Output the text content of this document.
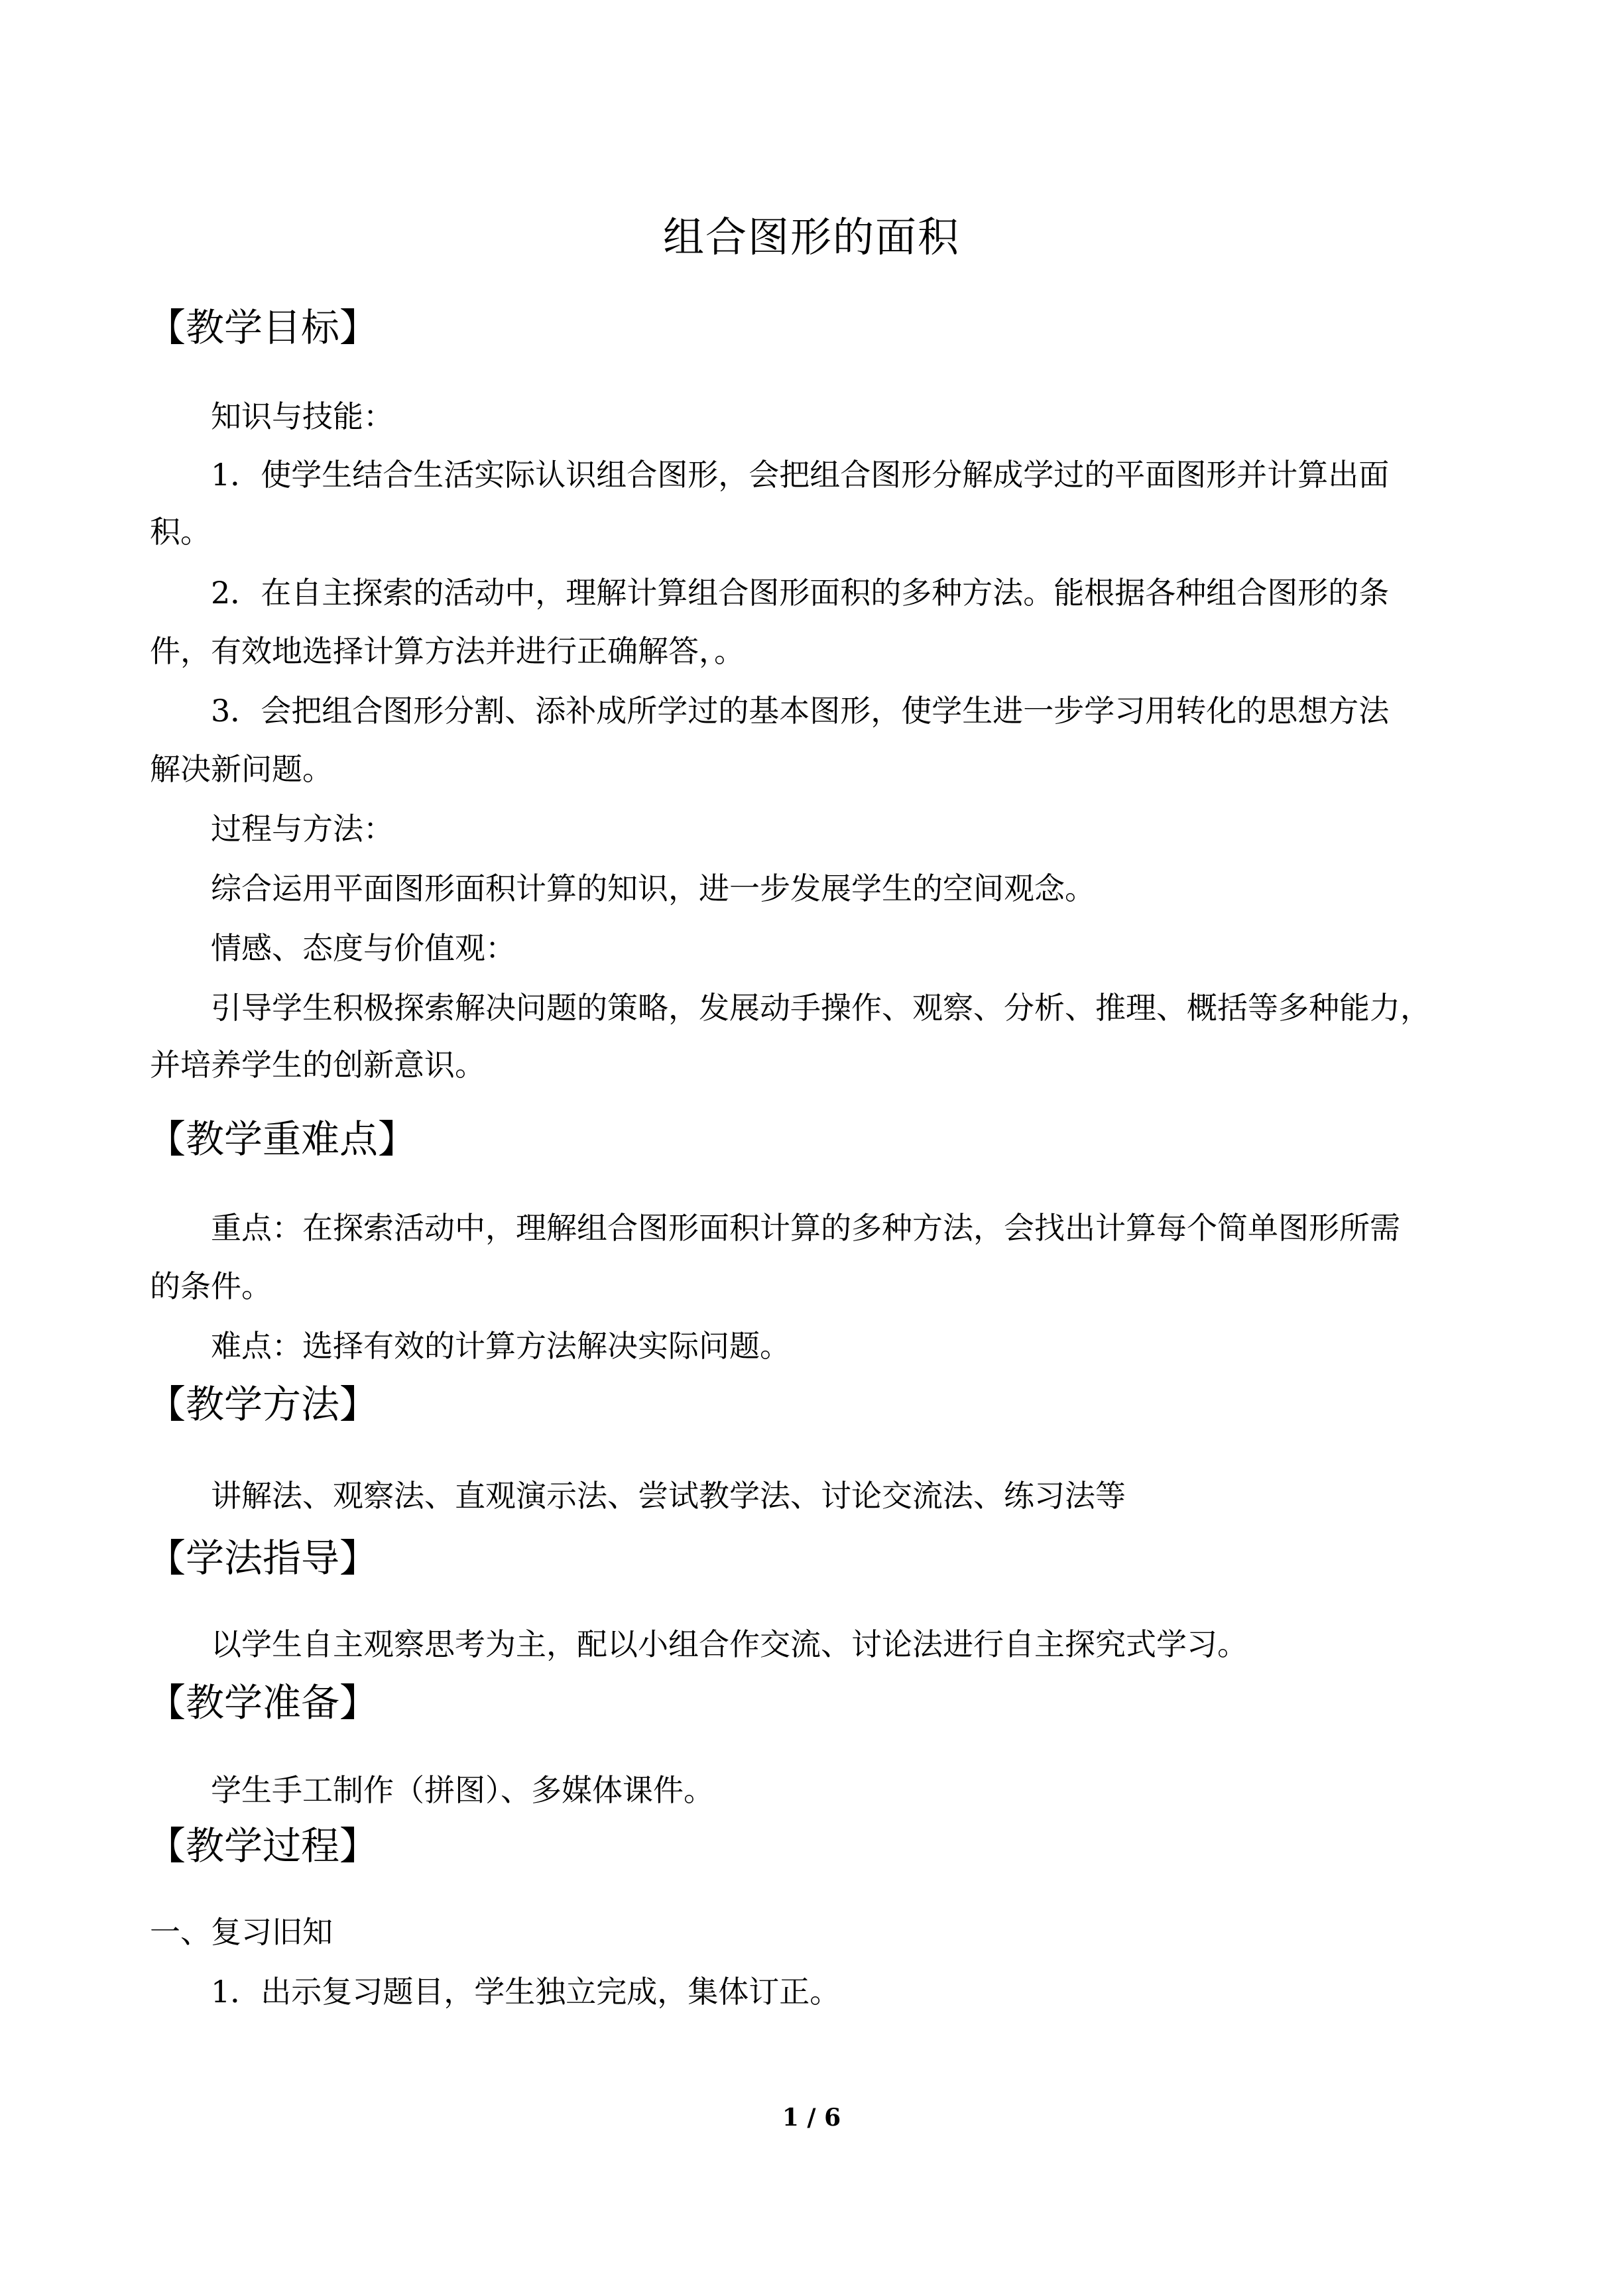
组合图形的面积
【教学目标】
知识与技能：
1．使学生结合生活实际认识组合图形，会把组合图形分解成学过的平面图形并计算出面
积。
2．在自主探索的活动中，理解计算组合图形面积的多种方法。能根据各种组合图形的条
件，有效地选择计算方法并进行正确解答，。
3．会把组合图形分割、添补成所学过的基本图形，使学生进一步学习用转化的思想方法
解决新问题。
过程与方法：
综合运用平面图形面积计算的知识，进一步发展学生的空间观念。
情感、态度与价值观：
引导学生积极探索解决问题的策略，发展动手操作、观察、分析、推理、概括等多种能力，
并培养学生的创新意识。
【教学重难点】
重点：在探索活动中，理解组合图形面积计算的多种方法，会找出计算每个简单图形所需
的条件。
难点：选择有效的计算方法解决实际问题。
【教学方法】
讲解法、观察法、直观演示法、尝试教学法、讨论交流法、练习法等
【学法指导】
以学生自主观察思考为主，配以小组合作交流、讨论法进行自主探究式学习。
【教学准备】
学生手工制作（拼图）、多媒体课件。
【教学过程】
一、复习旧知
1．出示复习题目，学生独立完成，集体订正。
1 / 6
